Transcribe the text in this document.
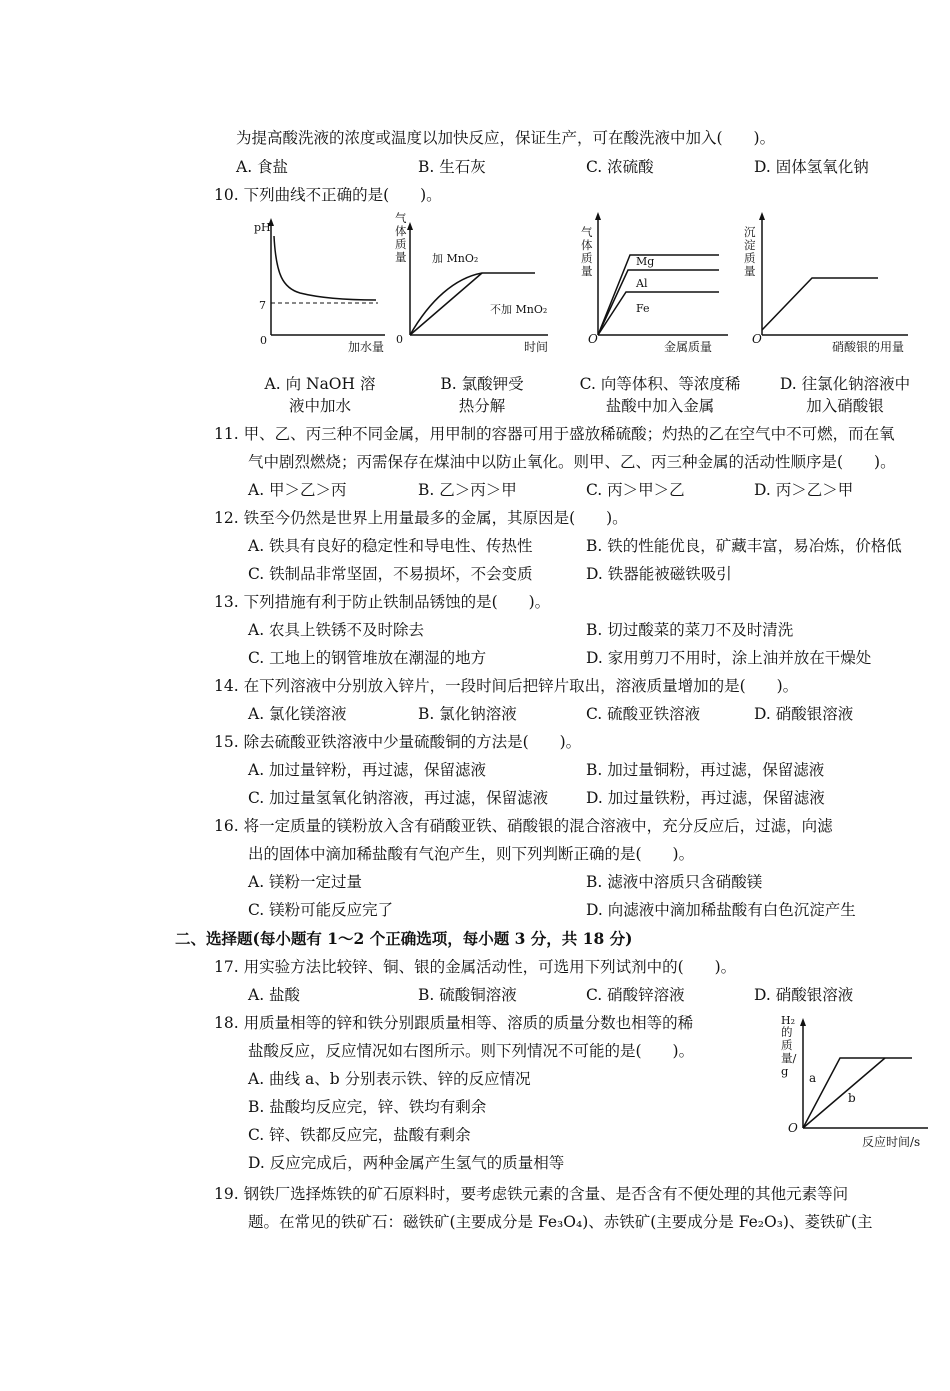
为提高酸洗液的浓度或温度以加快反应，保证生产，可在酸洗液中加入(　　)。
A. 食盐	B. 生石灰	C. 浓硫酸	D. 固体氢氧化钠
10. 下列曲线不正确的是(　　)。
pH
7
0	加水量
0
时间
加 MnO₂
不加 MnO₂
O
金属质量
Mg
Al
Fe
O
硝酸银的用量
气体质量
气体质量
沉淀质量
A. 向 NaOH 溶
液中加水
B. 氯酸钾受
热分解
C. 向等体积、等浓度稀
盐酸中加入金属
D. 往氯化钠溶液中
加入硝酸银
11. 甲、乙、丙三种不同金属，用甲制的容器可用于盛放稀硫酸；灼热的乙在空气中不可燃，而在氧
气中剧烈燃烧；丙需保存在煤油中以防止氧化。则甲、乙、丙三种金属的活动性顺序是(　　)。
A. 甲＞乙＞丙	B. 乙＞丙＞甲	C. 丙＞甲＞乙	D. 丙＞乙＞甲
12. 铁至今仍然是世界上用量最多的金属，其原因是(　　)。
A. 铁具有良好的稳定性和导电性、传热性	B. 铁的性能优良，矿藏丰富，易冶炼，价格低
C. 铁制品非常坚固，不易损坏，不会变质	D. 铁器能被磁铁吸引
13. 下列措施有利于防止铁制品锈蚀的是(　　)。
A. 农具上铁锈不及时除去	B. 切过酸菜的菜刀不及时清洗
C. 工地上的钢管堆放在潮湿的地方	D. 家用剪刀不用时，涂上油并放在干燥处
14. 在下列溶液中分别放入锌片，一段时间后把锌片取出，溶液质量增加的是(　　)。
A. 氯化镁溶液	B. 氯化钠溶液	C. 硫酸亚铁溶液	D. 硝酸银溶液
15. 除去硫酸亚铁溶液中少量硫酸铜的方法是(　　)。
A. 加过量锌粉，再过滤，保留滤液	B. 加过量铜粉，再过滤，保留滤液
C. 加过量氢氧化钠溶液，再过滤，保留滤液 D. 加过量铁粉，再过滤，保留滤液
16. 将一定质量的镁粉放入含有硝酸亚铁、硝酸银的混合溶液中，充分反应后，过滤，向滤
出的固体中滴加稀盐酸有气泡产生，则下列判断正确的是(　　)。
A. 镁粉一定过量	B. 滤液中溶质只含硝酸镁
C. 镁粉可能反应完了	D. 向滤液中滴加稀盐酸有白色沉淀产生
二、选择题(每小题有 1～2 个正确选项，每小题 3 分，共 18 分)
17. 用实验方法比较锌、铜、银的金属活动性，可选用下列试剂中的(　　)。
A. 盐酸	B. 硫酸铜溶液	C. 硝酸锌溶液	D. 硝酸银溶液
18. 用质量相等的锌和铁分别跟质量相等、溶质的质量分数也相等的稀
盐酸反应，反应情况如右图所示。则下列情况不可能的是(　　)。
A. 曲线 a、b 分别表示铁、锌的反应情况
B. 盐酸均反应完，锌、铁均有剩余
C. 锌、铁都反应完，盐酸有剩余
D. 反应完成后，两种金属产生氢气的质量相等
H₂
a
b
O
反应时间/s
的质量/g
19. 钢铁厂选择炼铁的矿石原料时，要考虑铁元素的含量、是否含有不便处理的其他元素等问
题。在常见的铁矿石：磁铁矿(主要成分是 Fe₃O₄)、赤铁矿(主要成分是 Fe₂O₃)、菱铁矿(主
